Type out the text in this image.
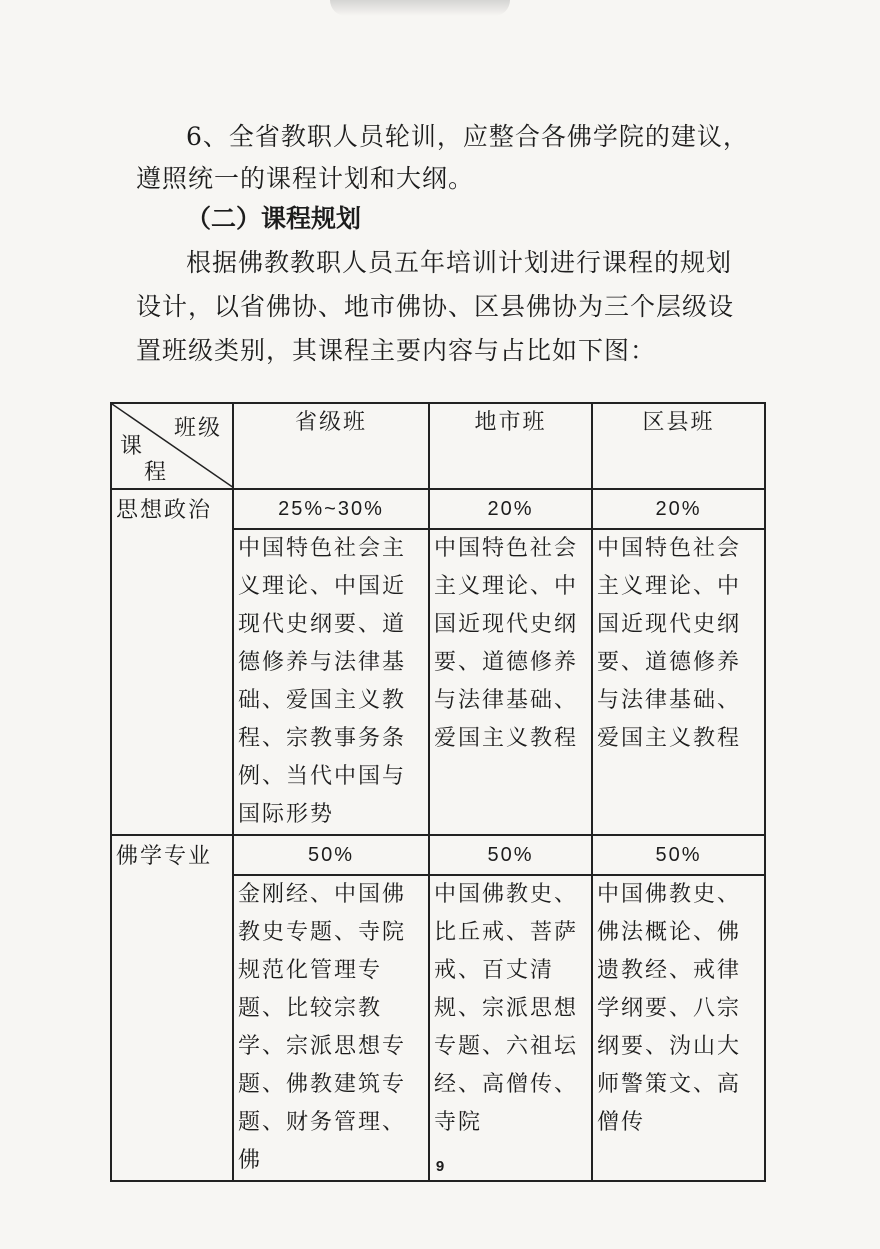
6、全省教职人员轮训，应整合各佛学院的建议，遵照统一的课程计划和大纲。

（二）课程规划

根据佛教教职人员五年培训计划进行课程的规划设计，以省佛协、地市佛协、区县佛协为三个层级设置班级类别，其课程主要内容与占比如下图：

班级
课
程	省级班	地市班	区县班
思想政治	25%~30%	20%	20%
	中国特色社会主义理论、中国近现代史纲要、道德修养与法律基础、爱国主义教程、宗教事务条例、当代中国与国际形势	中国特色社会主义理论、中国近现代史纲要、道德修养与法律基础、爱国主义教程	中国特色社会主义理论、中国近现代史纲要、道德修养与法律基础、爱国主义教程
佛学专业	50%	50%	50%
	金刚经、中国佛教史专题、寺院规范化管理专题、比较宗教学、宗派思想专题、佛教建筑专题、财务管理、佛	中国佛教史、比丘戒、菩萨戒、百丈清规、宗派思想专题、六祖坛经、高僧传、寺院	中国佛教史、佛法概论、佛遗教经、戒律学纲要、八宗纲要、沩山大师警策文、高僧传
9
